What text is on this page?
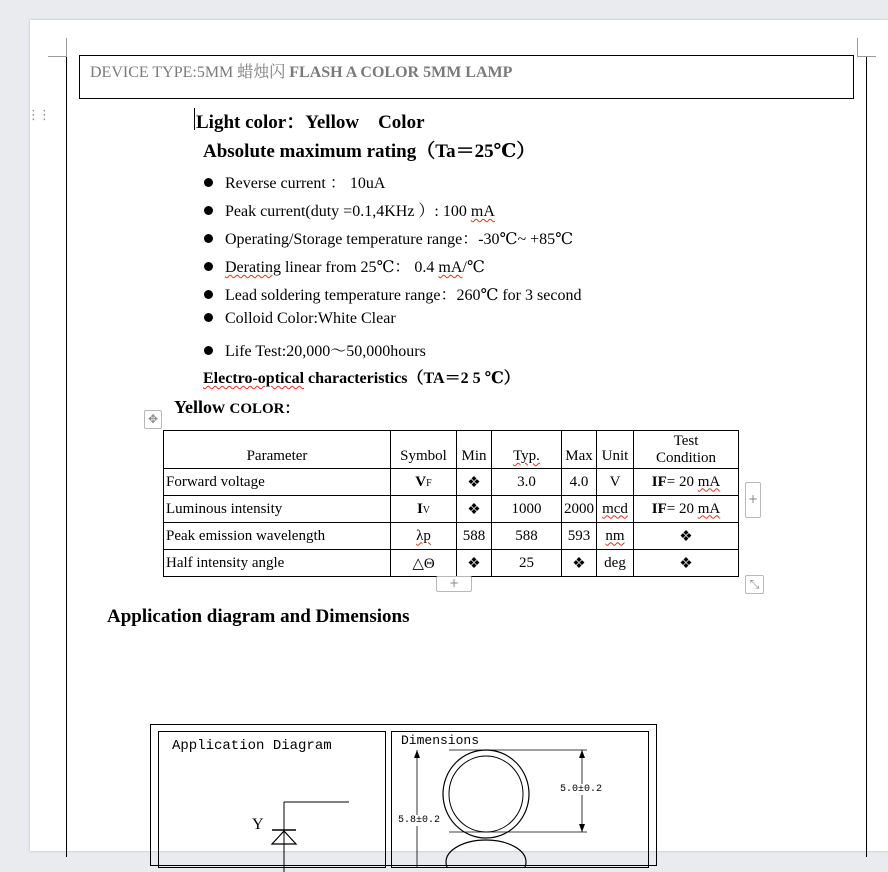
⋮⋮
DEVICE TYPE:5MM 蜡烛闪 FLASH A COLOR 5MM LAMP
Light color：Yellow Color
Absolute maximum rating（Ta＝25℃）
Reverse current ： 10uA
Peak current(duty =0.1,4KHz ）: 100 mA
Operating/Storage temperature range：-30℃~ +85℃
Derating linear from 25℃： 0.4 mA/℃
Lead soldering temperature range：260℃ for 3 second
Colloid Color:White Clear
Life Test:20,000～50,000hours
Electro-optical characteristics（TA＝2 5 ℃）
✥
Yellow COLOR：
Parameter	Symbol	Min	Typ.	Max	Unit	Test
Condition
Forward voltage	VF	❖	3.0	4.0	V	IF= 20 mA
Luminous intensity	IV	❖	1000	2000	mcd	IF= 20 mA
Peak emission wavelength	λp	588	588	593	nm	❖
Half intensity angle	△Θ	❖	25	❖	deg	❖
+
+	⤡
Application diagram and Dimensions
Application Diagram
Y
Dimensions
5.0±0.2
5.8±0.2
